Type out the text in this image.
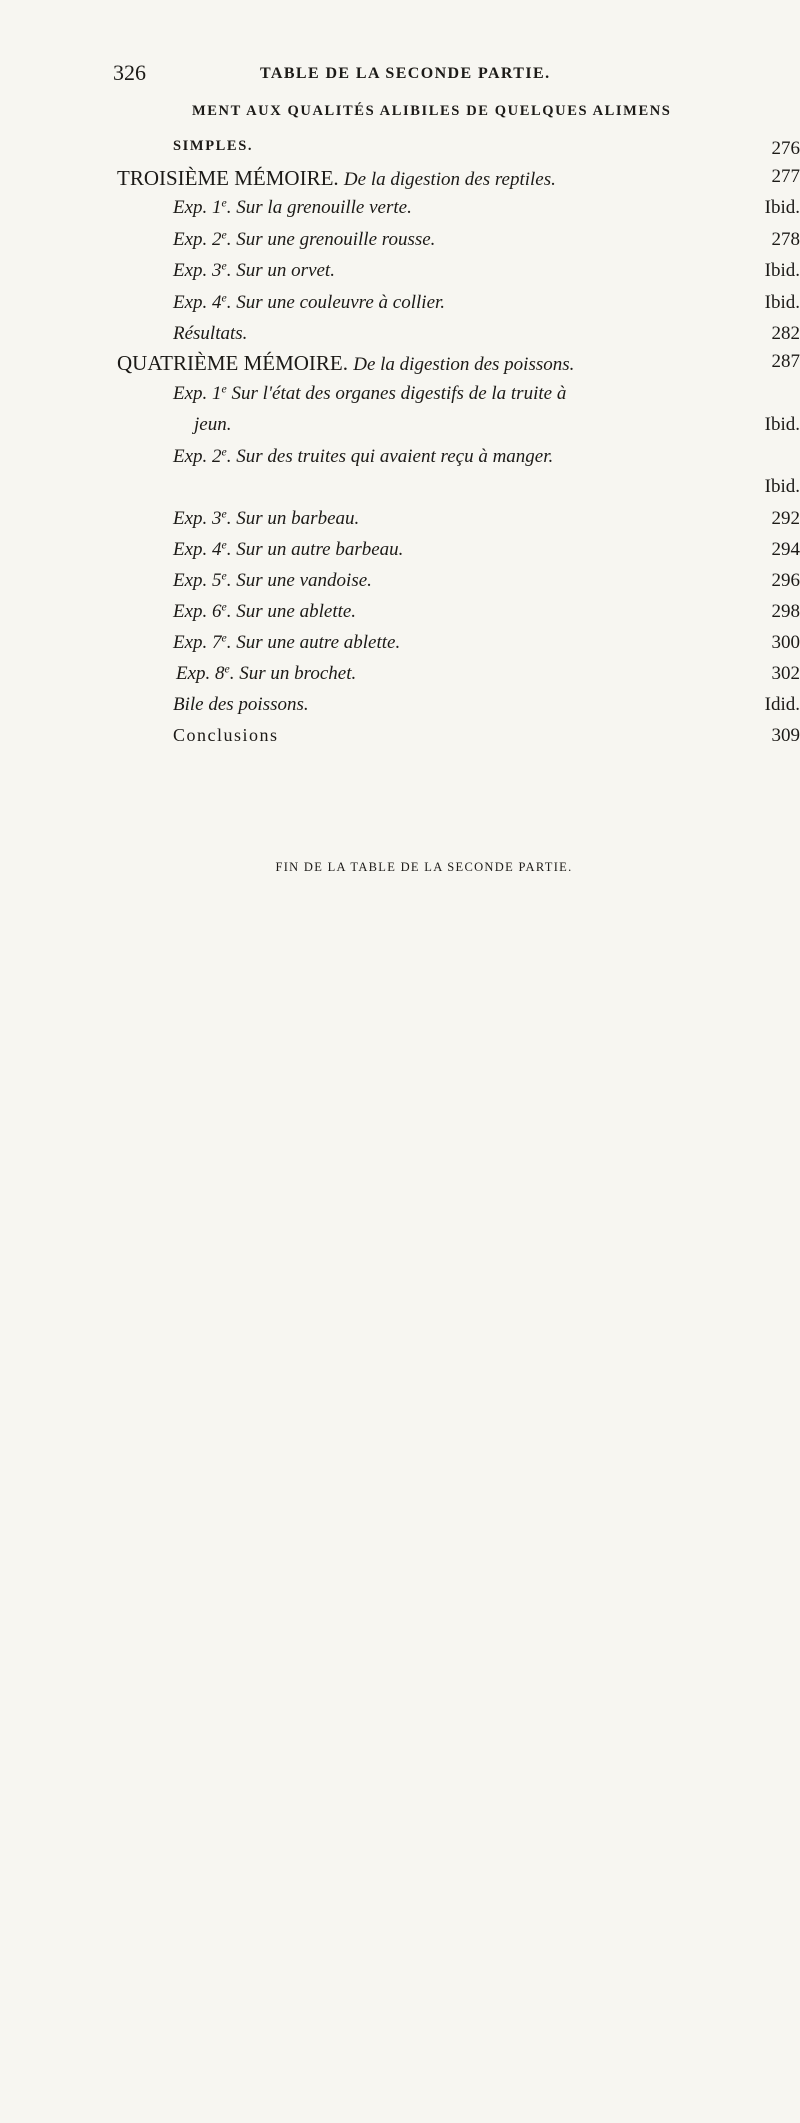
326	TABLE DE LA SECONDE PARTIE.
MENT AUX QUALITÉS ALIBILES DE QUELQUES ALIMENS
SIMPLES.	276
TROISIÈME MÉMOIRE. De la digestion des reptiles.	277
Exp. 1e. Sur la grenouille verte.	Ibid.
Exp. 2e. Sur une grenouille rousse.	278
Exp. 3e. Sur un orvet.	Ibid.
Exp. 4e. Sur une couleuvre à collier.	Ibid.
Résultats.	282
QUATRIÈME MÉMOIRE. De la digestion des poissons.	287
Exp. 1e Sur l'état des organes digestifs de la truite à
jeun.	Ibid.
Exp. 2e. Sur des truites qui avaient reçu à manger.
Ibid.
Exp. 3e. Sur un barbeau.	292
Exp. 4e. Sur un autre barbeau.	294
Exp. 5e. Sur une vandoise.	296
Exp. 6e. Sur une ablette.	298
Exp. 7e. Sur une autre ablette.	300
Exp. 8e. Sur un brochet.	302
Bile des poissons.	Idid.
Conclusions	309
FIN DE LA TABLE DE LA SECONDE PARTIE.
